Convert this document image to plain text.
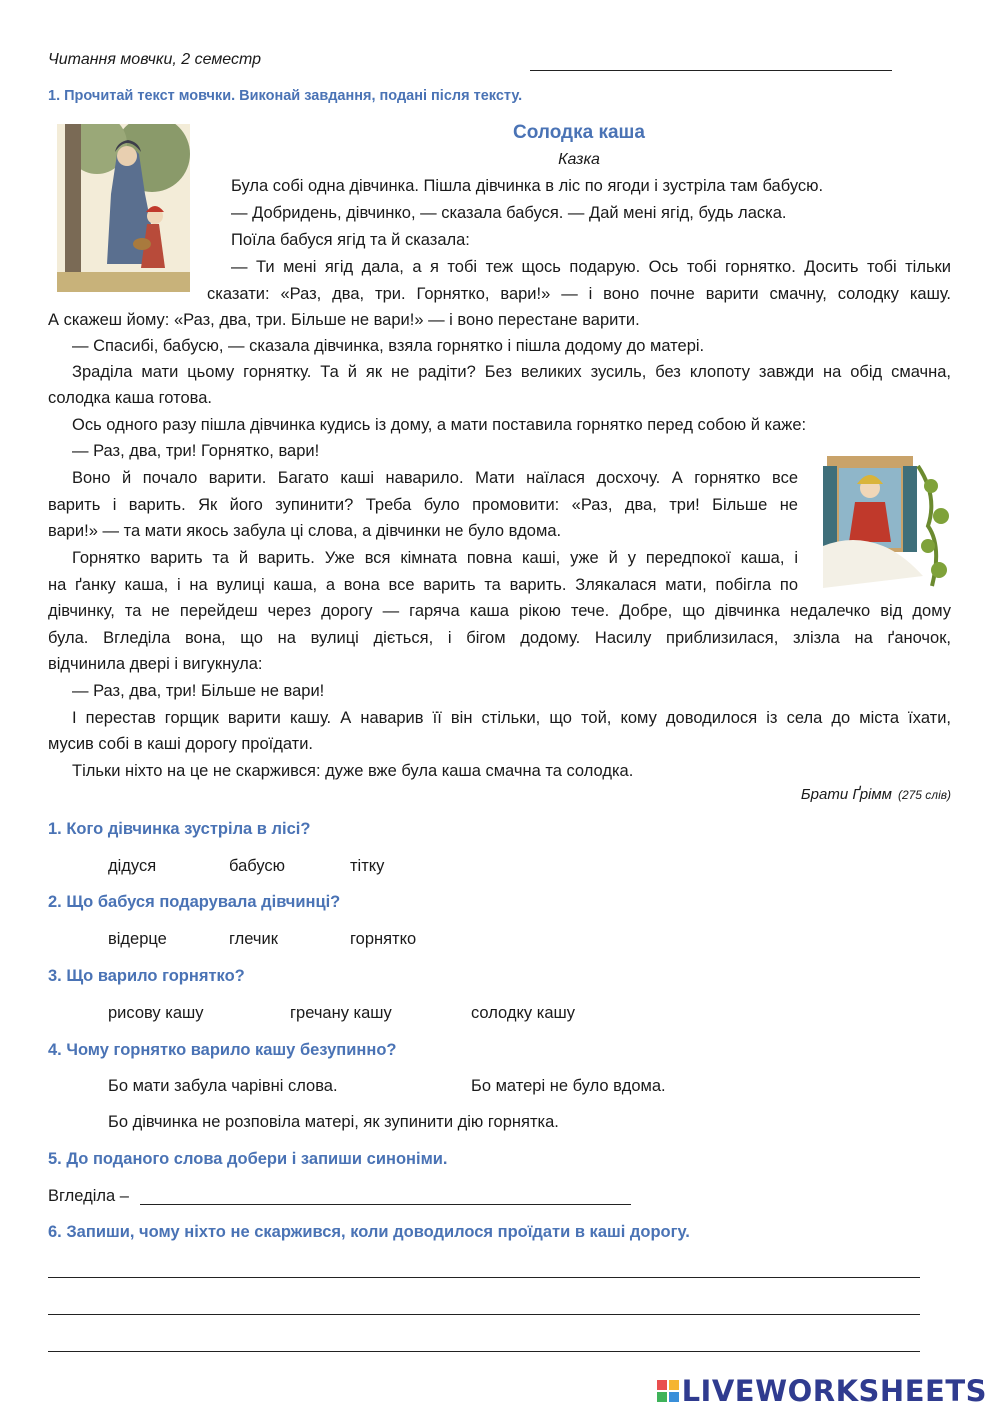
Читання мовчки, 2 семестр
1. Прочитай текст мовчки. Виконай завдання, подані після тексту.
Солодка каша
Казка
Була собі одна дівчинка. Пішла дівчинка в ліс по ягоди і зустріла там бабусю.
— Добридень, дівчинко, — сказала бабуся. — Дай мені ягід, будь ласка.
Поїла бабуся ягід та й сказала:
— Ти мені ягід дала, а я тобі теж щось подарую. Ось тобі горнятко. Досить тобі тільки
сказати: «Раз, два, три. Горнятко, вари!» — і воно почне варити смачну, солодку кашу.
А скажеш йому: «Раз, два, три. Більше не вари!» — і воно перестане варити.
— Спасибі, бабусю, — сказала дівчинка, взяла горнятко і пішла додому до матері.
Зраділа мати цьому горнятку. Та й як не радіти? Без великих зусиль, без клопоту завжди на обід смачна,
солодка каша готова.
Ось одного разу пішла дівчинка кудись із дому, а мати поставила горнятко перед собою й каже:
— Раз, два, три! Горнятко, вари!
Воно й почало варити. Багато каші наварило. Мати наїлася досхочу. А горнятко все
варить і варить. Як його зупинити? Треба було промовити: «Раз, два, три! Більше не
вари!» — та мати якось забула ці слова, а дівчинки не було вдома.
Горнятко варить та й варить. Уже вся кімната повна каші, уже й у передпокої каша, і
на ґанку каша, і на вулиці каша, а вона все варить та варить. Злякалася мати, побігла по
дівчинку, та не перейдеш через дорогу — гаряча каша рікою тече. Добре, що дівчинка недалечко від дому
була. Вгледіла вона, що на вулиці діється, і бігом додому. Насилу приблизилася, злізла на ґаночок,
відчинила двері і вигукнула:
— Раз, два, три! Більше не вари!
І перестав горщик варити кашу. А наварив її він стільки, що той, кому доводилося із села до міста їхати,
мусив собі в каші дорогу проїдати.
Тільки ніхто на це не скаржився: дуже вже була каша смачна та солодка.
Брати Ґрімм (275 слів)
1. Кого дівчинка зустріла в лісі?
дідуся	бабусю	тітку
2. Що бабуся подарувала дівчинці?
відерце	глечик	горнятко
3. Що варило горнятко?
рисову кашу	гречану кашу	солодку кашу
4. Чому горнятко варило кашу безупинно?
Бо мати забула чарівні слова.	Бо матері не було вдома.
Бо дівчинка не розповіла матері, як зупинити дію горнятка.
5. До поданого слова добери і запиши синоніми.
Вгледіла –
6. Запиши, чому ніхто не скаржився, коли доводилося проїдати в каші дорогу.
LIVEWORKSHEETS
